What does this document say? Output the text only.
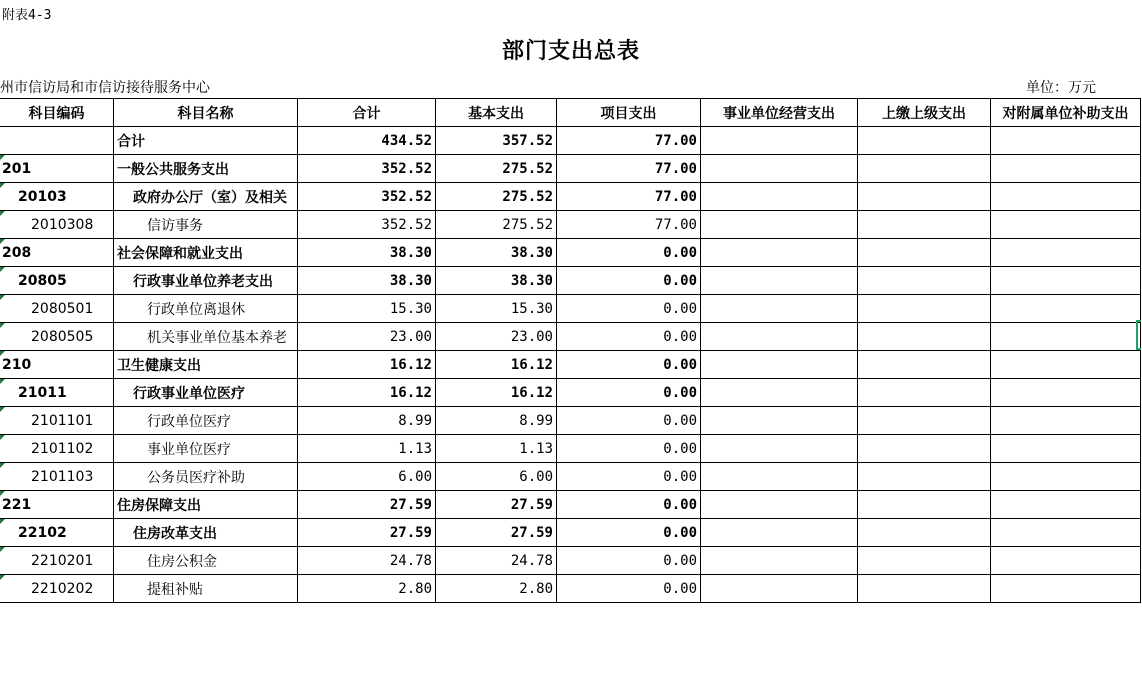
附表4-3
部门支出总表
州市信访局和市信访接待服务中心	单位：万元
科目编码	科目名称	合计	基本支出	项目支出	事业单位经营支出	上缴上级支出	对附属单位补助支出
	合计	434.52	357.52	77.00			
201	一般公共服务支出	352.52	275.52	77.00			
20103	政府办公厅（室）及相关	352.52	275.52	77.00			
2010308	信访事务	352.52	275.52	77.00			
208	社会保障和就业支出	38.30	38.30	0.00			
20805	行政事业单位养老支出	38.30	38.30	0.00			
2080501	行政单位离退休	15.30	15.30	0.00			
2080505	机关事业单位基本养老	23.00	23.00	0.00			
210	卫生健康支出	16.12	16.12	0.00			
21011	行政事业单位医疗	16.12	16.12	0.00			
2101101	行政单位医疗	8.99	8.99	0.00			
2101102	事业单位医疗	1.13	1.13	0.00			
2101103	公务员医疗补助	6.00	6.00	0.00			
221	住房保障支出	27.59	27.59	0.00			
22102	住房改革支出	27.59	27.59	0.00			
2210201	住房公积金	24.78	24.78	0.00			
2210202	提租补贴	2.80	2.80	0.00			
